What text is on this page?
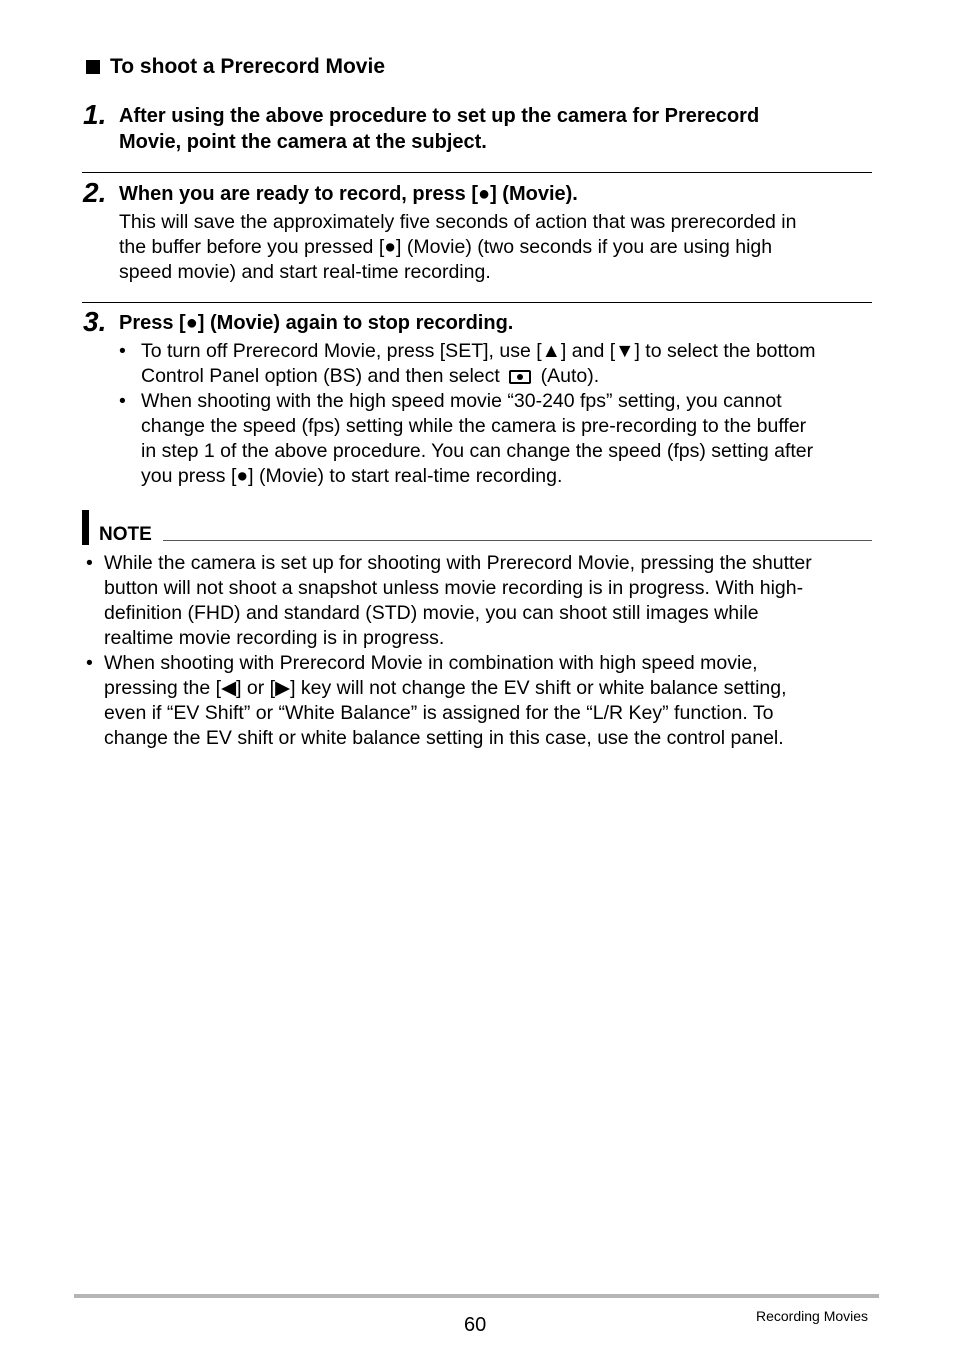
To shoot a Prerecord Movie
1. After using the above procedure to set up the camera for Prerecord
Movie, point the camera at the subject.
2. When you are ready to record, press [●] (Movie).
This will save the approximately five seconds of action that was prerecorded in
the buffer before you pressed [●] (Movie) (two seconds if you are using high
speed movie) and start real-time recording.
3. Press [●] (Movie) again to stop recording.
• To turn off Prerecord Movie, press [SET], use [▲] and [▼] to select the bottom
Control Panel option (BS) and then select (Auto).
• When shooting with the high speed movie “30-240 fps” setting, you cannot
change the speed (fps) setting while the camera is pre-recording to the buffer
in step 1 of the above procedure. You can change the speed (fps) setting after
you press [●] (Movie) to start real-time recording.
NOTE
• While the camera is set up for shooting with Prerecord Movie, pressing the shutter
button will not shoot a snapshot unless movie recording is in progress. With high-
definition (FHD) and standard (STD) movie, you can shoot still images while
realtime movie recording is in progress.
• When shooting with Prerecord Movie in combination with high speed movie,
pressing the [◀] or [▶] key will not change the EV shift or white balance setting,
even if “EV Shift” or “White Balance” is assigned for the “L/R Key” function. To
change the EV shift or white balance setting in this case, use the control panel.
60	Recording Movies
